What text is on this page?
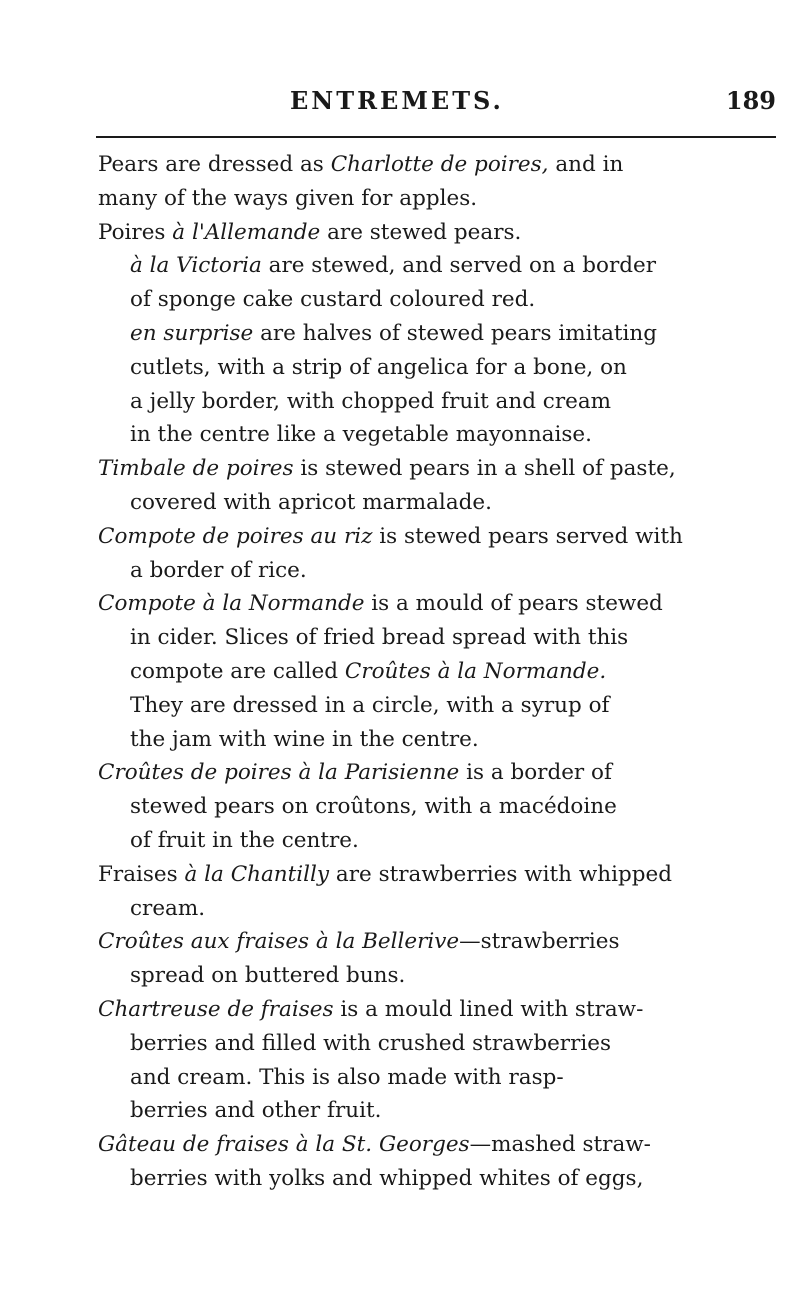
ENTREMETS.	189
Pears are dressed as Charlotte de poires, and in
many of the ways given for apples.
Poires à l'Allemande are stewed pears.
à la Victoria are stewed, and served on a border
of sponge cake custard coloured red.
en surprise are halves of stewed pears imitating
cutlets, with a strip of angelica for a bone, on
a jelly border, with chopped fruit and cream
in the centre like a vegetable mayonnaise.
Timbale de poires is stewed pears in a shell of paste,
covered with apricot marmalade.
Compote de poires au riz is stewed pears served with
a border of rice.
Compote à la Normande is a mould of pears stewed
in cider. Slices of fried bread spread with this
compote are called Croûtes à la Normande.
They are dressed in a circle, with a syrup of
the jam with wine in the centre.
Croûtes de poires à la Parisienne is a border of
stewed pears on croûtons, with a macédoine
of fruit in the centre.
Fraises à la Chantilly are strawberries with whipped
cream.
Croûtes aux fraises à la Bellerive—strawberries
spread on buttered buns.
Chartreuse de fraises is a mould lined with straw-
berries and filled with crushed strawberries
and cream. This is also made with rasp-
berries and other fruit.
Gâteau de fraises à la St. Georges—mashed straw-
berries with yolks and whipped whites of eggs,
